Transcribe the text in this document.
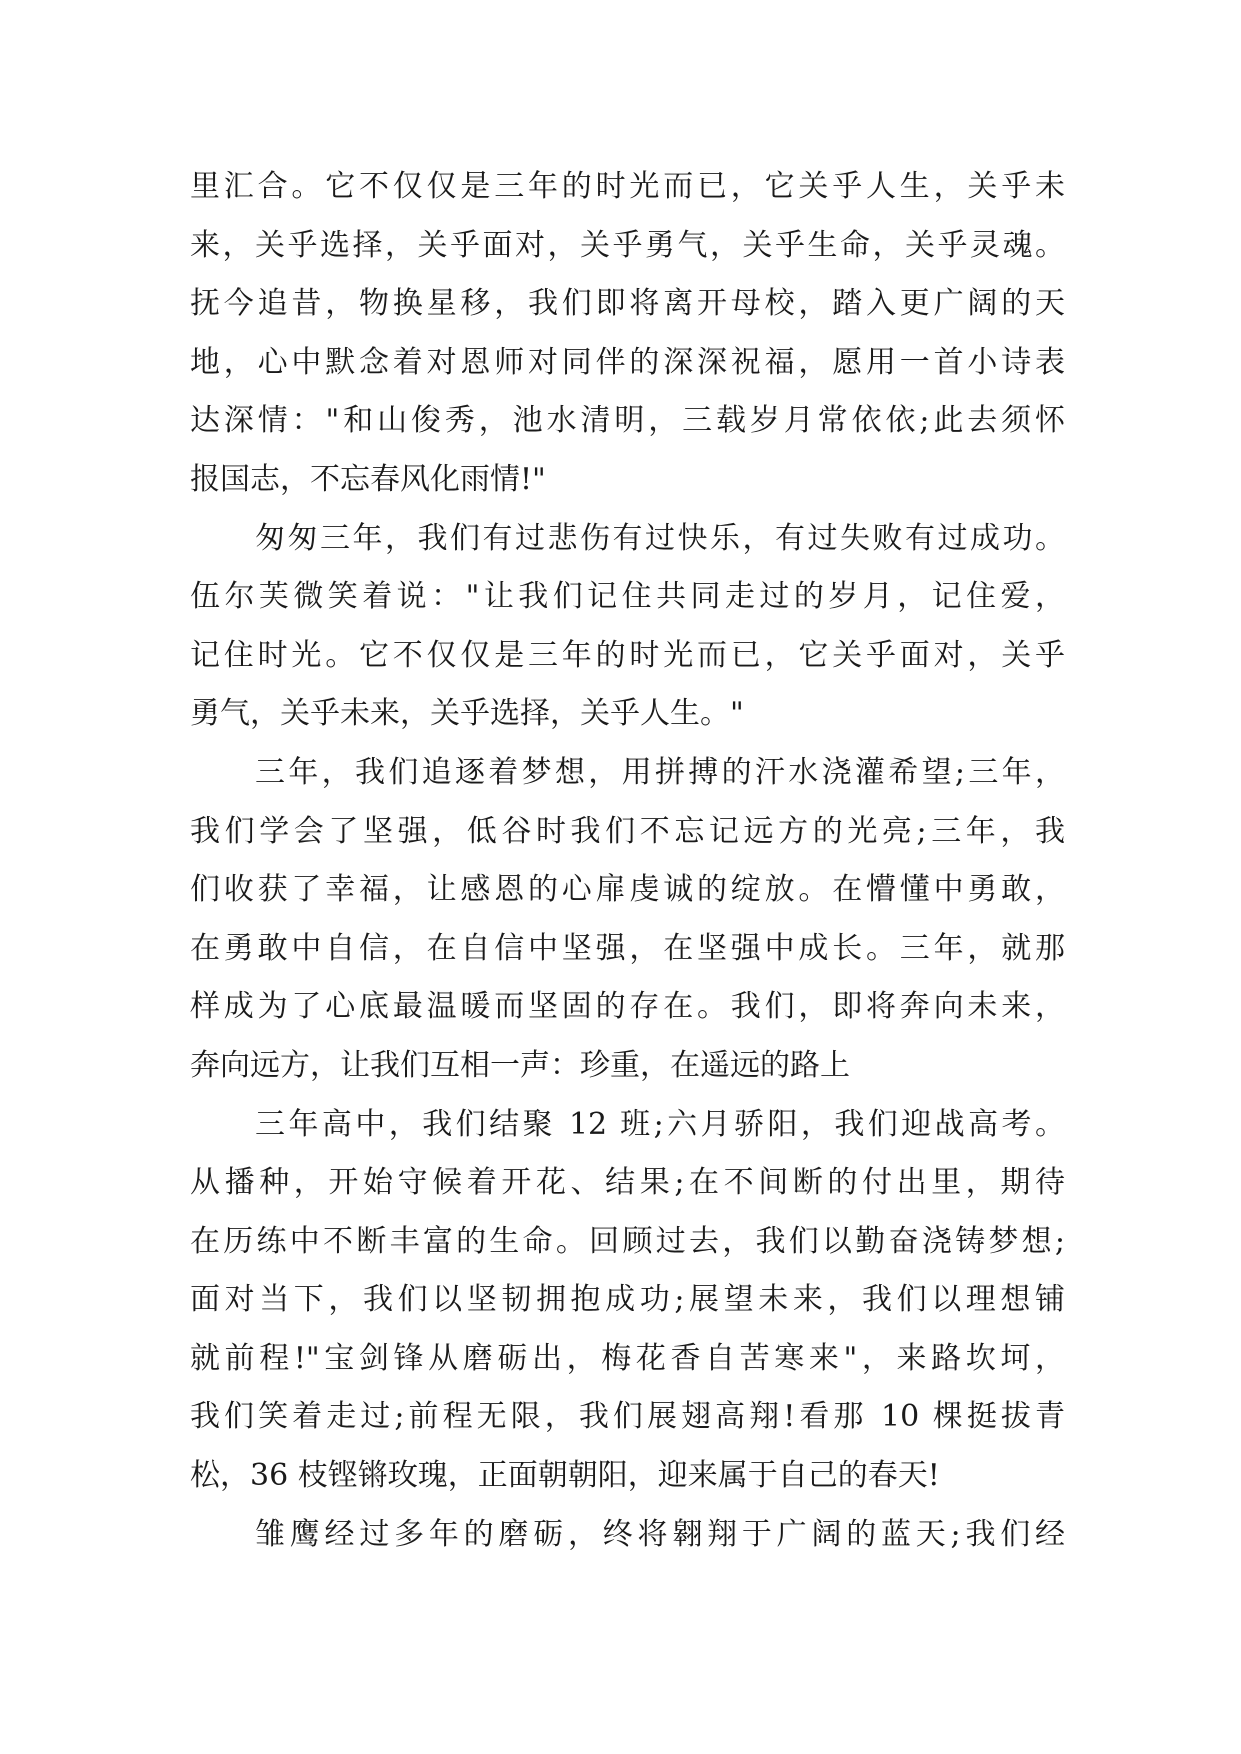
里汇合。它不仅仅是三年的时光而已，它关乎人生，关乎未
来，关乎选择，关乎面对，关乎勇气，关乎生命，关乎灵魂。
抚今追昔，物换星移，我们即将离开母校，踏入更广阔的天
地，心中默念着对恩师对同伴的深深祝福，愿用一首小诗表
达深情："和山俊秀，池水清明，三载岁月常依依;此去须怀
报国志，不忘春风化雨情!"
匆匆三年，我们有过悲伤有过快乐，有过失败有过成功。
伍尔芙微笑着说："让我们记住共同走过的岁月，记住爱，
记住时光。它不仅仅是三年的时光而已，它关乎面对，关乎
勇气，关乎未来，关乎选择，关乎人生。"
三年，我们追逐着梦想，用拼搏的汗水浇灌希望;三年，
我们学会了坚强，低谷时我们不忘记远方的光亮;三年，我
们收获了幸福，让感恩的心扉虔诚的绽放。在懵懂中勇敢，
在勇敢中自信，在自信中坚强，在坚强中成长。三年，就那
样成为了心底最温暖而坚固的存在。我们，即将奔向未来，
奔向远方，让我们互相一声：珍重，在遥远的路上
三年高中，我们结聚 12 班;六月骄阳，我们迎战高考。
从播种，开始守候着开花、结果;在不间断的付出里，期待
在历练中不断丰富的生命。回顾过去，我们以勤奋浇铸梦想;
面对当下，我们以坚韧拥抱成功;展望未来，我们以理想铺
就前程!"宝剑锋从磨砺出，梅花香自苦寒来"，来路坎坷，
我们笑着走过;前程无限，我们展翅高翔!看那 10 棵挺拔青
松，36 枝铿锵玫瑰，正面朝朝阳，迎来属于自己的春天!
雏鹰经过多年的磨砺，终将翱翔于广阔的蓝天;我们经
